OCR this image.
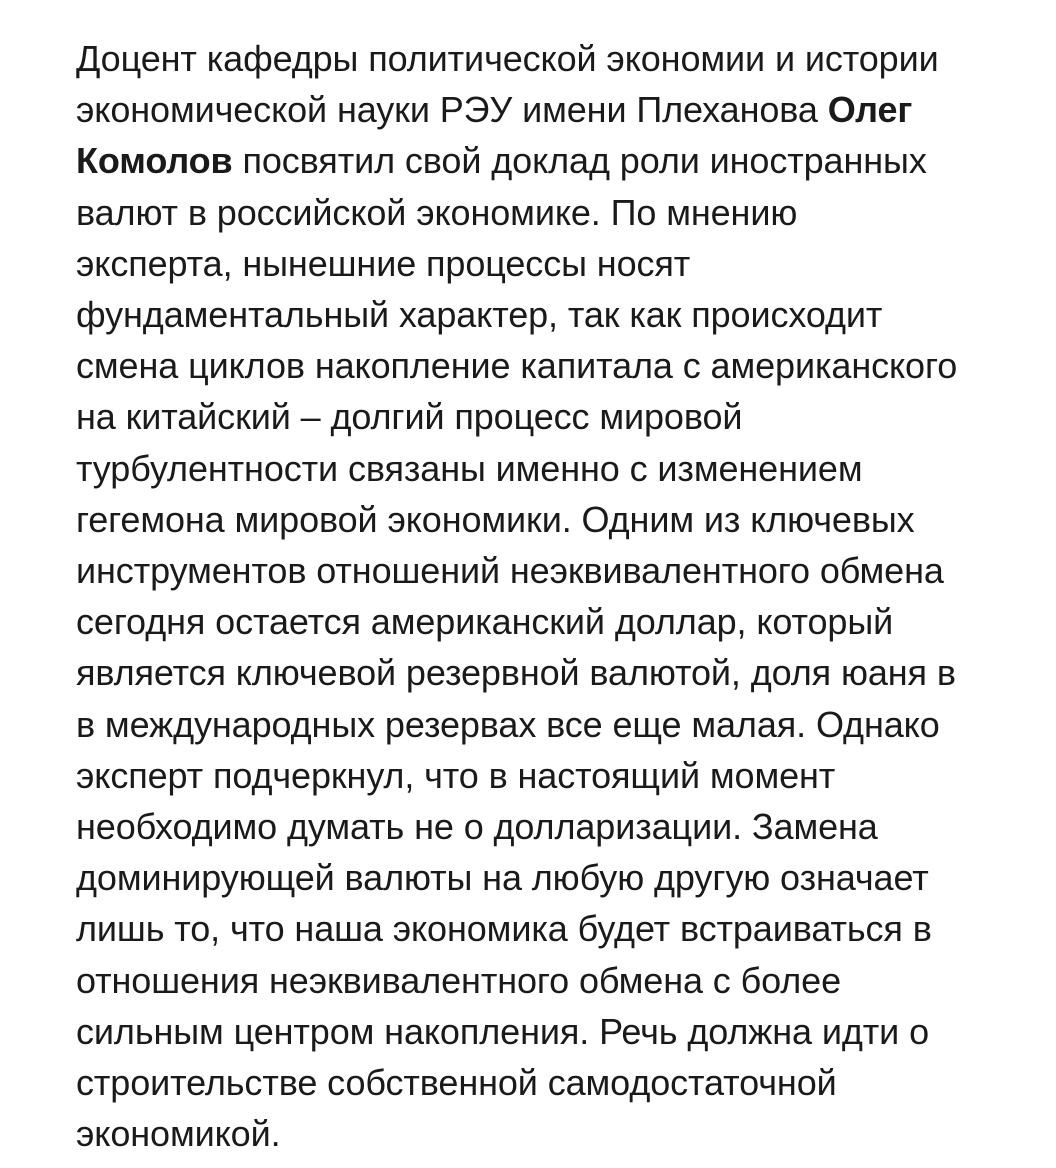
Доцент кафедры политической экономии и истории
экономической науки РЭУ имени Плеханова Олег
Комолов посвятил свой доклад роли иностранных
валют в российской экономике. По мнению
эксперта, нынешние процессы носят
фундаментальный характер, так как происходит
смена циклов накопление капитала с американского
на китайский – долгий процесс мировой
турбулентности связаны именно с изменением
гегемона мировой экономики. Одним из ключевых
инструментов отношений неэквивалентного обмена
сегодня остается американский доллар, который
является ключевой резервной валютой, доля юаня в
в международных резервах все еще малая. Однако
эксперт подчеркнул, что в настоящий момент
необходимо думать не о долларизации. Замена
доминирующей валюты на любую другую означает
лишь то, что наша экономика будет встраиваться в
отношения неэквивалентного обмена с более
сильным центром накопления. Речь должна идти о
строительстве собственной самодостаточной
экономикой.
